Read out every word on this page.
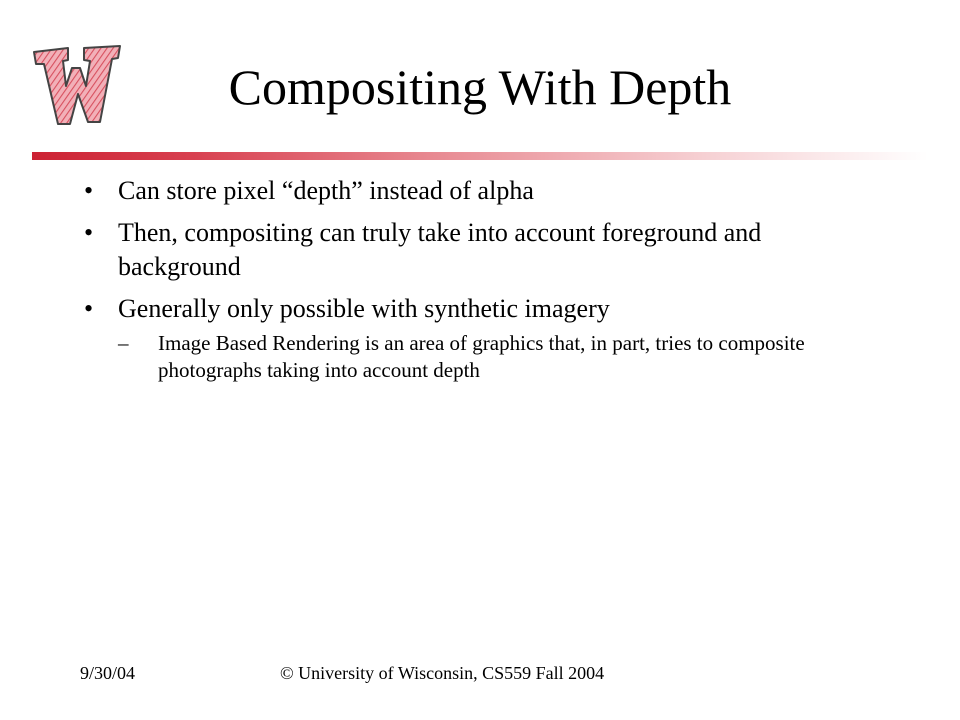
Compositing With Depth
• Can store pixel “depth” instead of alpha
• Then, compositing can truly take into account foreground and background
• Generally only possible with synthetic imagery
– Image Based Rendering is an area of graphics that, in part, tries to composite photographs taking into account depth
9/30/04	© University of Wisconsin, CS559 Fall 2004
